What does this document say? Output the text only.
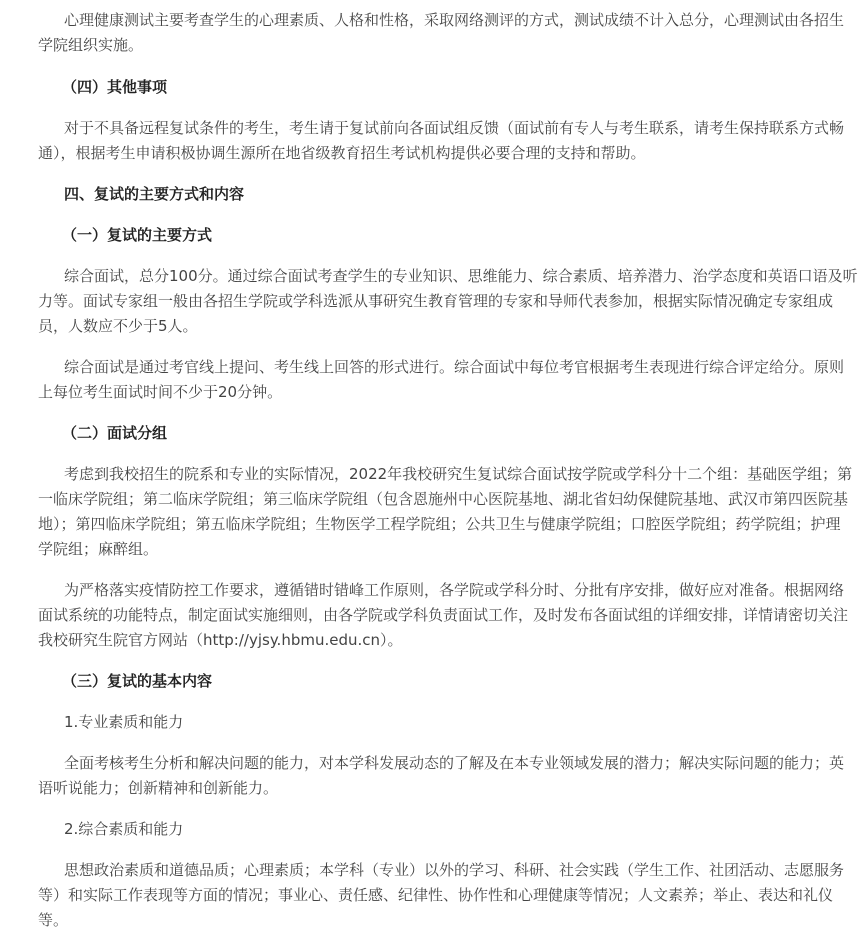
心理健康测试主要考查学生的心理素质、人格和性格，采取网络测评的方式，测试成绩不计入总分，心理测试由各招生
学院组织实施。
（四）其他事项
对于不具备远程复试条件的考生，考生请于复试前向各面试组反馈（面试前有专人与考生联系，请考生保持联系方式畅
通），根据考生申请积极协调生源所在地省级教育招生考试机构提供必要合理的支持和帮助。
四、复试的主要方式和内容
（一）复试的主要方式
综合面试，总分100分。通过综合面试考查学生的专业知识、思维能力、综合素质、培养潜力、治学态度和英语口语及听
力等。面试专家组一般由各招生学院或学科选派从事研究生教育管理的专家和导师代表参加，根据实际情况确定专家组成
员，人数应不少于5人。
综合面试是通过考官线上提问、考生线上回答的形式进行。综合面试中每位考官根据考生表现进行综合评定给分。原则
上每位考生面试时间不少于20分钟。
（二）面试分组
考虑到我校招生的院系和专业的实际情况，2022年我校研究生复试综合面试按学院或学科分十二个组：基础医学组；第
一临床学院组；第二临床学院组；第三临床学院组（包含恩施州中心医院基地、湖北省妇幼保健院基地、武汉市第四医院基
地）；第四临床学院组；第五临床学院组；生物医学工程学院组；公共卫生与健康学院组；口腔医学院组；药学院组；护理
学院组；麻醉组。
为严格落实疫情防控工作要求，遵循错时错峰工作原则，各学院或学科分时、分批有序安排，做好应对准备。根据网络
面试系统的功能特点，制定面试实施细则，由各学院或学科负责面试工作，及时发布各面试组的详细安排，详情请密切关注
我校研究生院官方网站（http://yjsy.hbmu.edu.cn）。
（三）复试的基本内容
1.专业素质和能力
全面考核考生分析和解决问题的能力，对本学科发展动态的了解及在本专业领域发展的潜力；解决实际问题的能力；英
语听说能力；创新精神和创新能力。
2.综合素质和能力
思想政治素质和道德品质；心理素质；本学科（专业）以外的学习、科研、社会实践（学生工作、社团活动、志愿服务
等）和实际工作表现等方面的情况；事业心、责任感、纪律性、协作性和心理健康等情况；人文素养；举止、表达和礼仪
等。
